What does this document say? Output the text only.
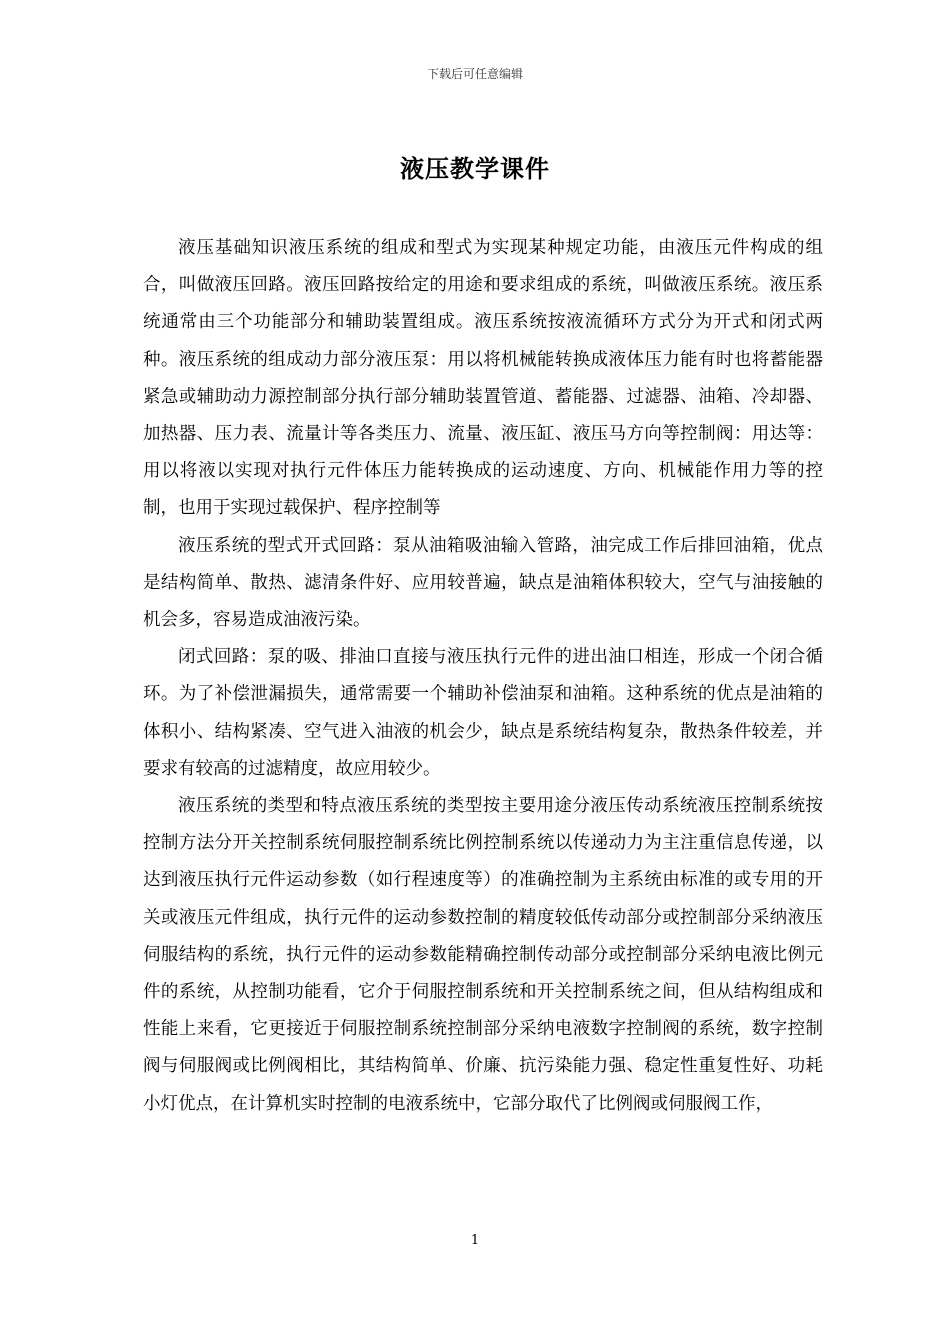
下载后可任意编辑
液压教学课件

液压基础知识液压系统的组成和型式为实现某种规定功能，由液压元件构成的组合，叫做液压回路。液压回路按给定的用途和要求组成的系统，叫做液压系统。液压系统通常由三个功能部分和辅助装置组成。液压系统按液流循环方式分为开式和闭式两种。液压系统的组成动力部分液压泵：用以将机械能转换成液体压力能有时也将蓄能器紧急或辅助动力源控制部分执行部分辅助装置管道、蓄能器、过滤器、油箱、冷却器、加热器、压力表、流量计等各类压力、流量、液压缸、液压马方向等控制阀：用达等：用以将液以实现对执行元件体压力能转换成的运动速度、方向、机械能作用力等的控制，也用于实现过载保护、程序控制等

液压系统的型式开式回路：泵从油箱吸油输入管路，油完成工作后排回油箱，优点是结构简单、散热、滤清条件好、应用较普遍，缺点是油箱体积较大，空气与油接触的机会多，容易造成油液污染。

闭式回路：泵的吸、排油口直接与液压执行元件的进出油口相连，形成一个闭合循环。为了补偿泄漏损失，通常需要一个辅助补偿油泵和油箱。这种系统的优点是油箱的体积小、结构紧凑、空气进入油液的机会少，缺点是系统结构复杂，散热条件较差，并要求有较高的过滤精度，故应用较少。

液压系统的类型和特点液压系统的类型按主要用途分液压传动系统液压控制系统按控制方法分开关控制系统伺服控制系统比例控制系统以传递动力为主注重信息传递，以达到液压执行元件运动参数（如行程速度等）的准确控制为主系统由标准的或专用的开关或液压元件组成，执行元件的运动参数控制的精度较低传动部分或控制部分采纳液压伺服结构的系统，执行元件的运动参数能精确控制传动部分或控制部分采纳电液比例元件的系统，从控制功能看，它介于伺服控制系统和开关控制系统之间，但从结构组成和性能上来看，它更接近于伺服控制系统控制部分采纳电液数字控制阀的系统，数字控制阀与伺服阀或比例阀相比，其结构简单、价廉、抗污染能力强、稳定性重复性好、功耗小灯优点，在计算机实时控制的电液系统中，它部分取代了比例阀或伺服阀工作，

1
